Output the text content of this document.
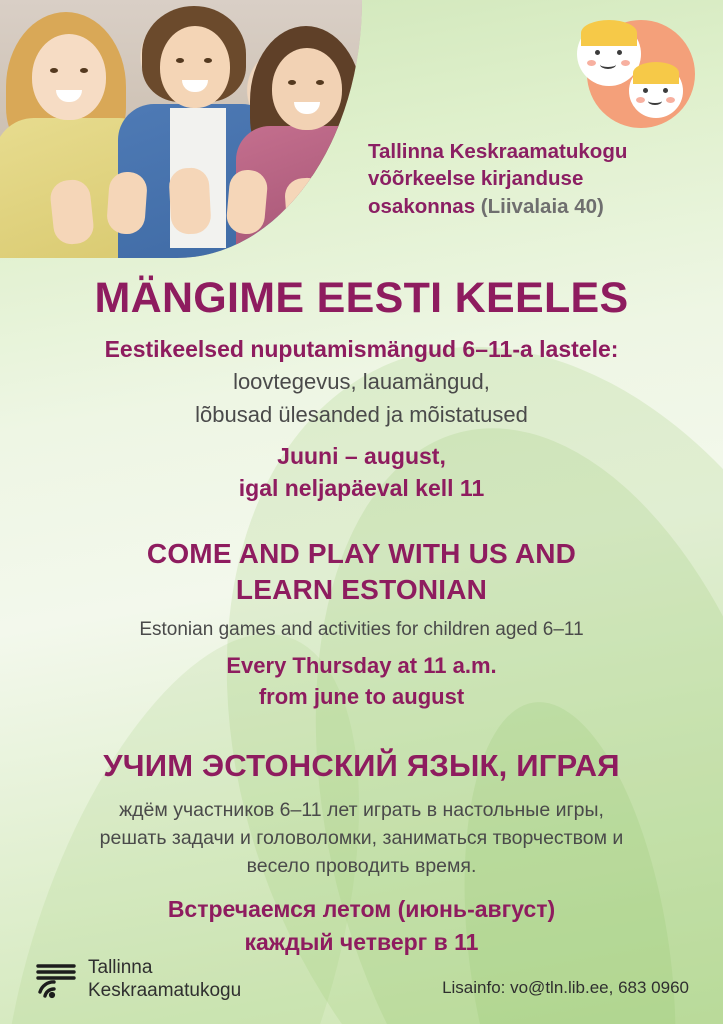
Tallinna Keskraamatukogu
võõrkeelse kirjanduse
osakonnas (Liivalaia 40)
MÄNGIME EESTI KEELES

Eestikeelsed nuputamismängud 6–11-a lastele:

loovtegevus, lauamängud,

lõbusad ülesanded ja mõistatused

Juuni – august,

igal neljapäeval kell 11

COME AND PLAY WITH US AND
LEARN ESTONIAN

Estonian games and activities for children aged 6–11

Every Thursday at 11 a.m.

from june to august

УЧИМ ЭСТОНСКИЙ ЯЗЫК, ИГРАЯ

ждём участников 6–11 лет играть в настольные игры,

решать задачи и головоломки, заниматься творчеством и

весело проводить время.

Встречаемся летом (июнь-август)

каждый четверг в 11

Tallinna
Keskraamatukogu	Lisainfo: vo@tln.lib.ee, 683 0960
